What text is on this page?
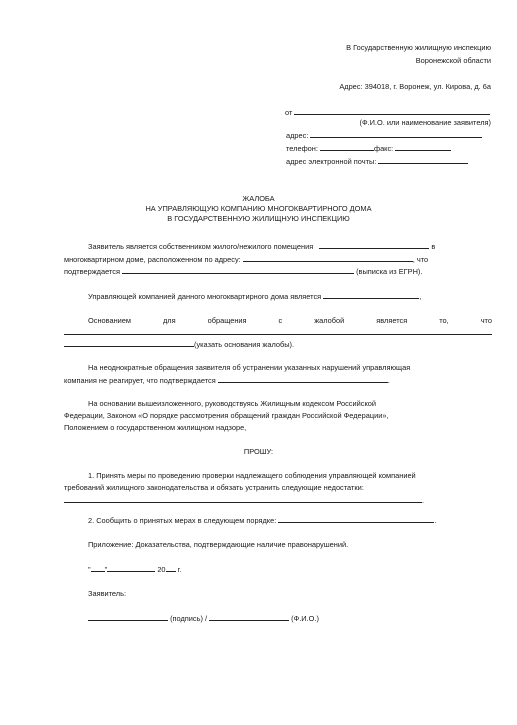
В Государственную жилищную инспекцию
Воронежской области
Адрес: 394018, г. Воронеж, ул. Кирова, д. 6а
от
(Ф.И.О. или наименование заявителя)
адрес:
телефон:	факс:
адрес электронной почты:
ЖАЛОБА
НА УПРАВЛЯЮЩУЮ КОМПАНИЮ МНОГОКВАРТИРНОГО ДОМА
В ГОСУДАРСТВЕННУЮ ЖИЛИЩНУЮ ИНСПЕКЦИЮ
Заявитель является собственником жилого/нежилого помещения	в
многоквартирном доме, расположенном по адресу:	, что
подтверждается	(выписка из ЕГРН).
Управляющей компанией данного многоквартирного дома является	,
Основанием	для	обращения	с	жалобой	является	то,	что
(указать основания жалобы).
На неоднократные обращения заявителя об устранении указанных нарушений управляющая
компания не реагирует, что подтверждается	.
На основании вышеизложенного, руководствуясь Жилищным кодексом Российской
Федерации, Законом «О порядке рассмотрения обращений граждан Российской Федерации»,
Положением о государственном жилищном надзоре,
ПРОШУ:
1. Принять меры по проведению проверки надлежащего соблюдения управляющей компанией
требований жилищного законодательства и обязать устранить следующие недостатки:
.
2. Сообщить о принятых мерах в следующем порядке:	.
Приложение: Доказательства, подтверждающие наличие правонарушений.
" "	20 г.
Заявитель:
(подпись) /	(Ф.И.О.)
